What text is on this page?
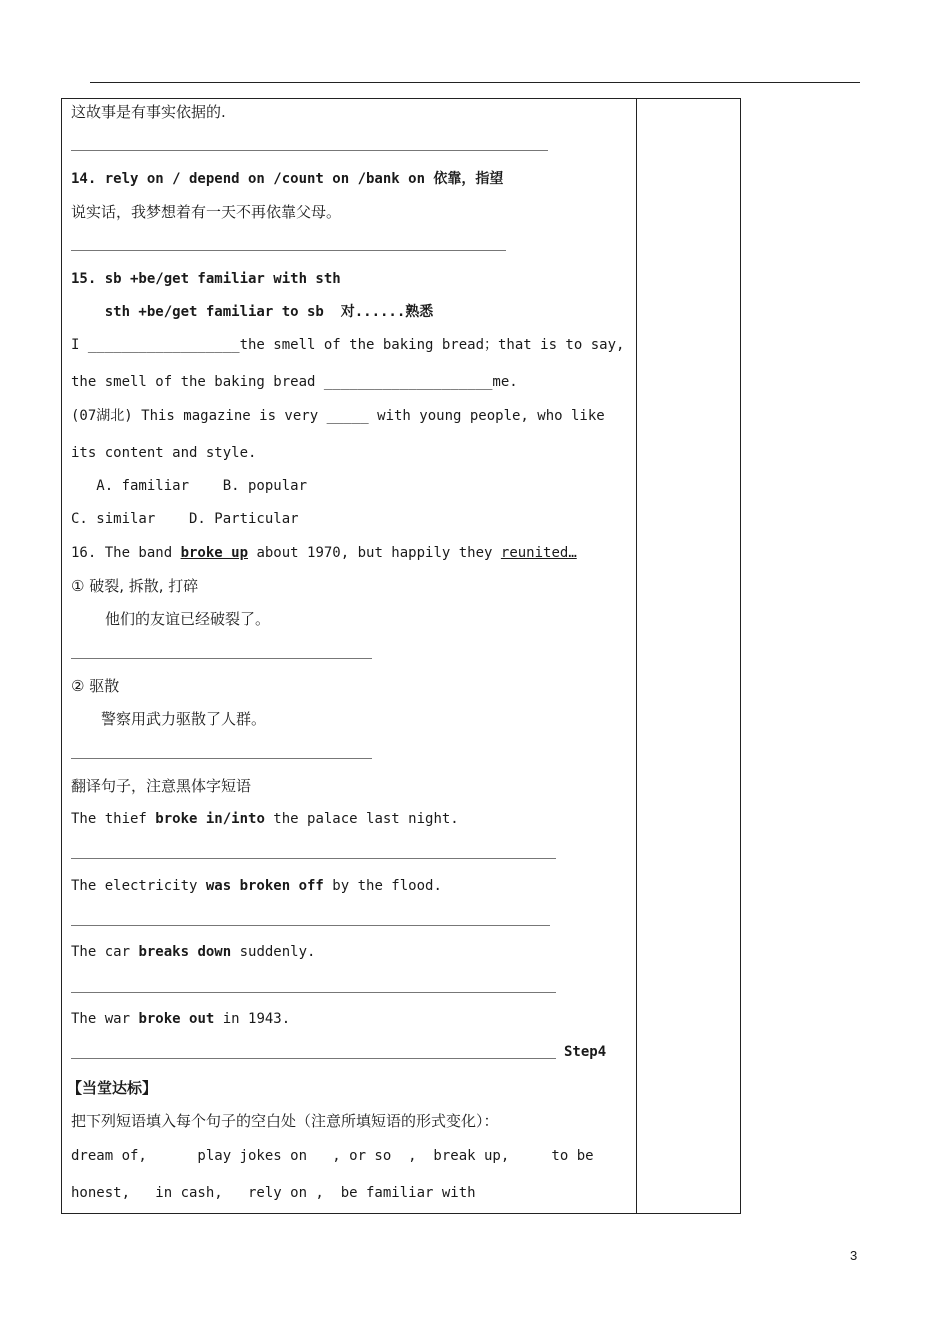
这故事是有事实依据的.
14. rely on / depend on /count on /bank on 依靠，指望
说实话，我梦想着有一天不再依靠父母。
15. sb +be/get familiar with sth
sth +be/get familiar to sb  对......熟悉
I __________________the smell of the baking bread；that is to say,
the smell of the baking bread ____________________me.
(07湖北) This magazine is very _____ with young people, who like
its content and style.
A. familiar    B. popular
C. similar    D. Particular
16. The band broke up about 1970, but happily they reunited…
① 破裂, 拆散, 打碎
他们的友谊已经破裂了。
② 驱散
警察用武力驱散了人群。
翻译句子，注意黑体字短语
The thief broke in/into the palace last night.
The electricity was broken off by the flood.
The car breaks down suddenly.
The war broke out in 1943.
Step4
【当堂达标】
把下列短语填入每个句子的空白处（注意所填短语的形式变化）：
dream of,      play jokes on   , or so  ,  break up,     to be
honest,   in cash,   rely on ,  be familiar with
3
